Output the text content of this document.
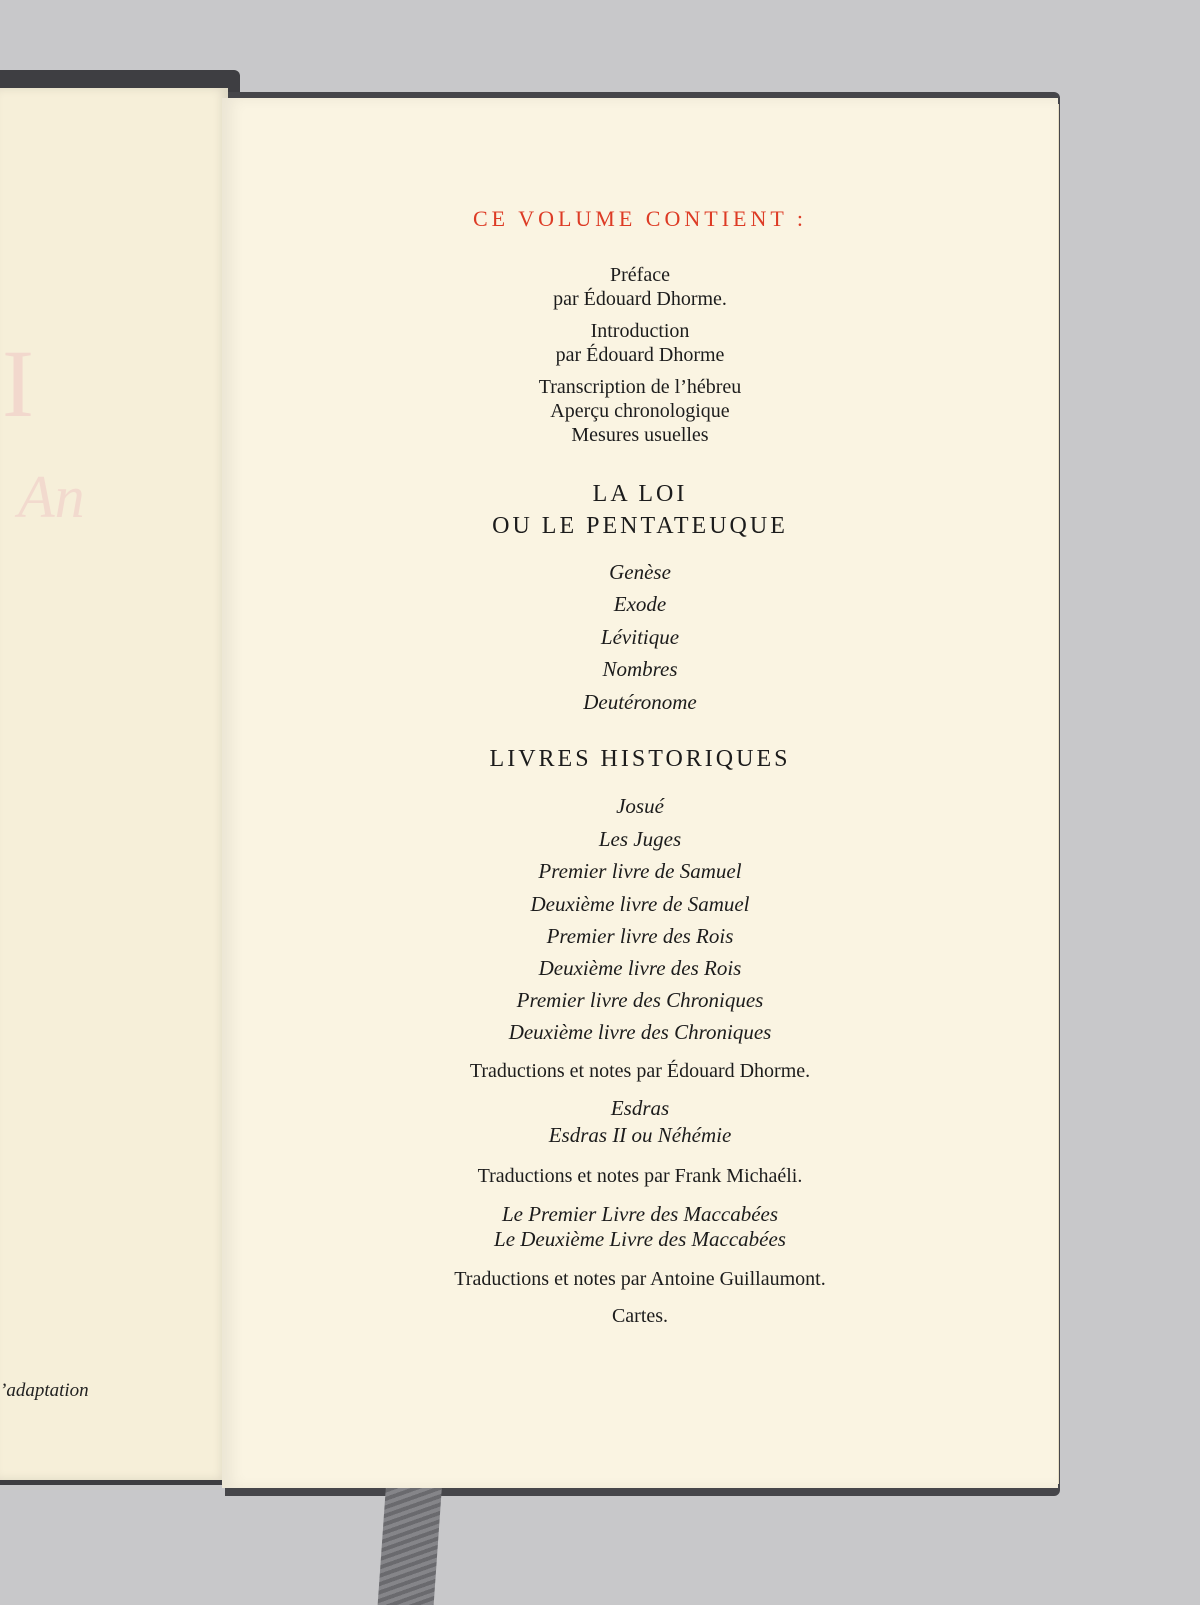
I
An
’adaptation
CE VOLUME CONTIENT :
Préface
par Édouard Dhorme.
Introduction
par Édouard Dhorme
Transcription de l’hébreu
Aperçu chronologique
Mesures usuelles
LA LOI
OU LE PENTATEUQUE
Genèse
Exode
Lévitique
Nombres
Deutéronome
LIVRES HISTORIQUES
Josué
Les Juges
Premier livre de Samuel
Deuxième livre de Samuel
Premier livre des Rois
Deuxième livre des Rois
Premier livre des Chroniques
Deuxième livre des Chroniques
Traductions et notes par Édouard Dhorme.
Esdras
Esdras II ou Néhémie
Traductions et notes par Frank Michaéli.
Le Premier Livre des Maccabées
Le Deuxième Livre des Maccabées
Traductions et notes par Antoine Guillaumont.
Cartes.
